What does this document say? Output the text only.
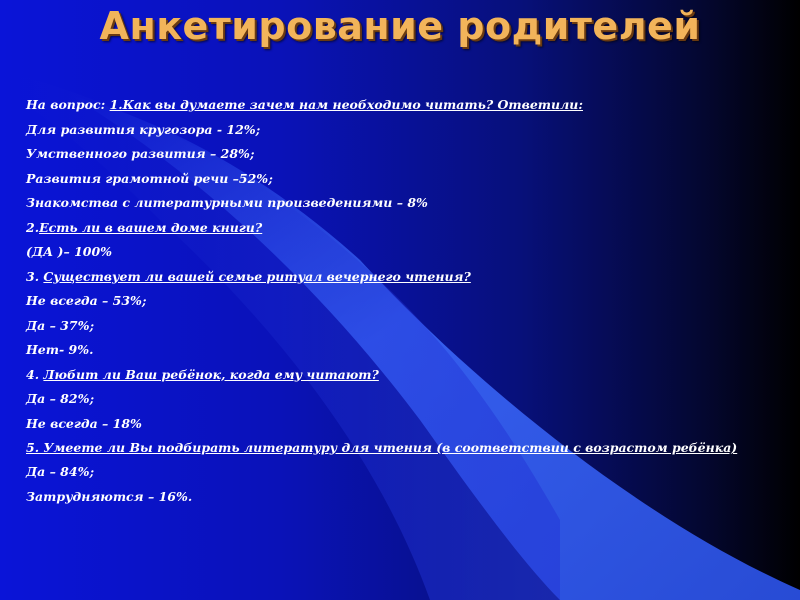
Анкетирование родителей
На вопрос: 1.Как вы думаете зачем нам необходимо читать? Ответили:
Для развития кругозора - 12%;
Умственного развития – 28%;
Развития грамотной речи –52%;
Знакомства с литературными произведениями – 8%
2.Есть ли в вашем доме книги?
(ДА )– 100%
3. Существует ли вашей семье ритуал вечернего чтения?
Не всегда – 53%;
Да – 37%;
Нет- 9%.
4. Любит ли Ваш ребёнок, когда ему читают?
Да – 82%;
Не всегда – 18%
5. Умеете ли Вы подбирать литературу для чтения (в соответствии с возрастом ребёнка)
Да – 84%;
Затрудняются – 16%.
